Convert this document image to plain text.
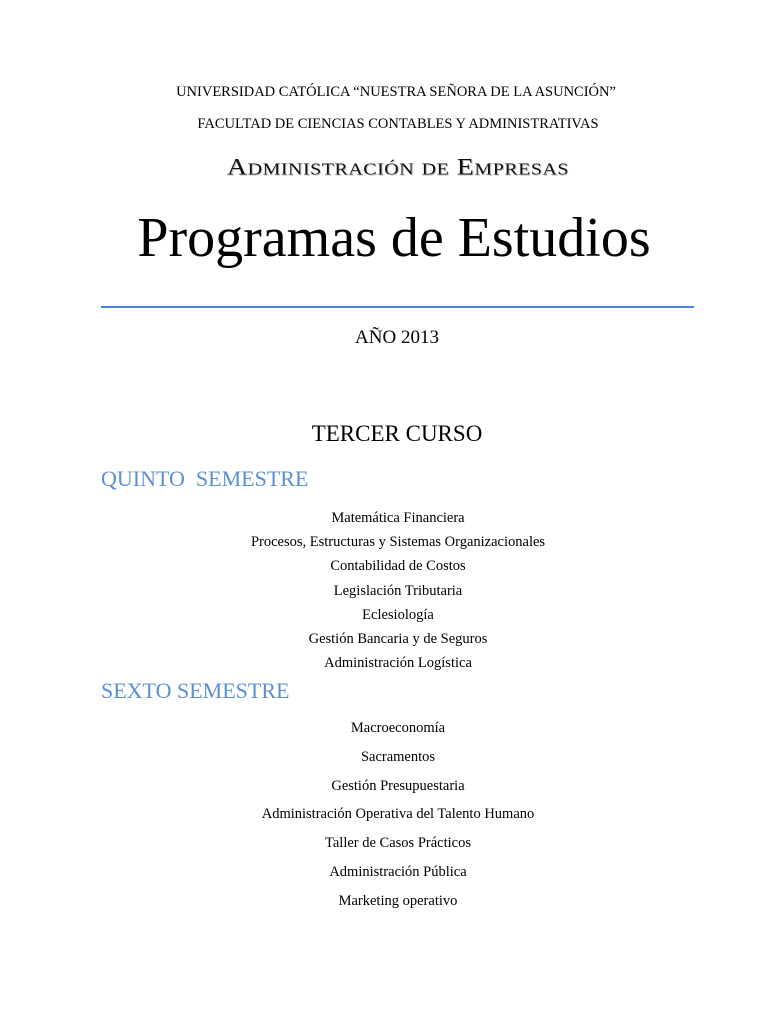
UNIVERSIDAD CATÓLICA “NUESTRA SEÑORA DE LA ASUNCIÓN”
FACULTAD DE CIENCIAS CONTABLES Y ADMINISTRATIVAS
Administración de Empresas
Programas de Estudios
AÑO 2013
TERCER CURSO
QUINTO  SEMESTRE
Matemática Financiera
Procesos, Estructuras y Sistemas Organizacionales
Contabilidad de Costos
Legislación Tributaria
Eclesiología
Gestión Bancaria y de Seguros
Administración Logística
SEXTO SEMESTRE
Macroeconomía
Sacramentos
Gestión Presupuestaria
Administración Operativa del Talento Humano
Taller de Casos Prácticos
Administración Pública
Marketing operativo
